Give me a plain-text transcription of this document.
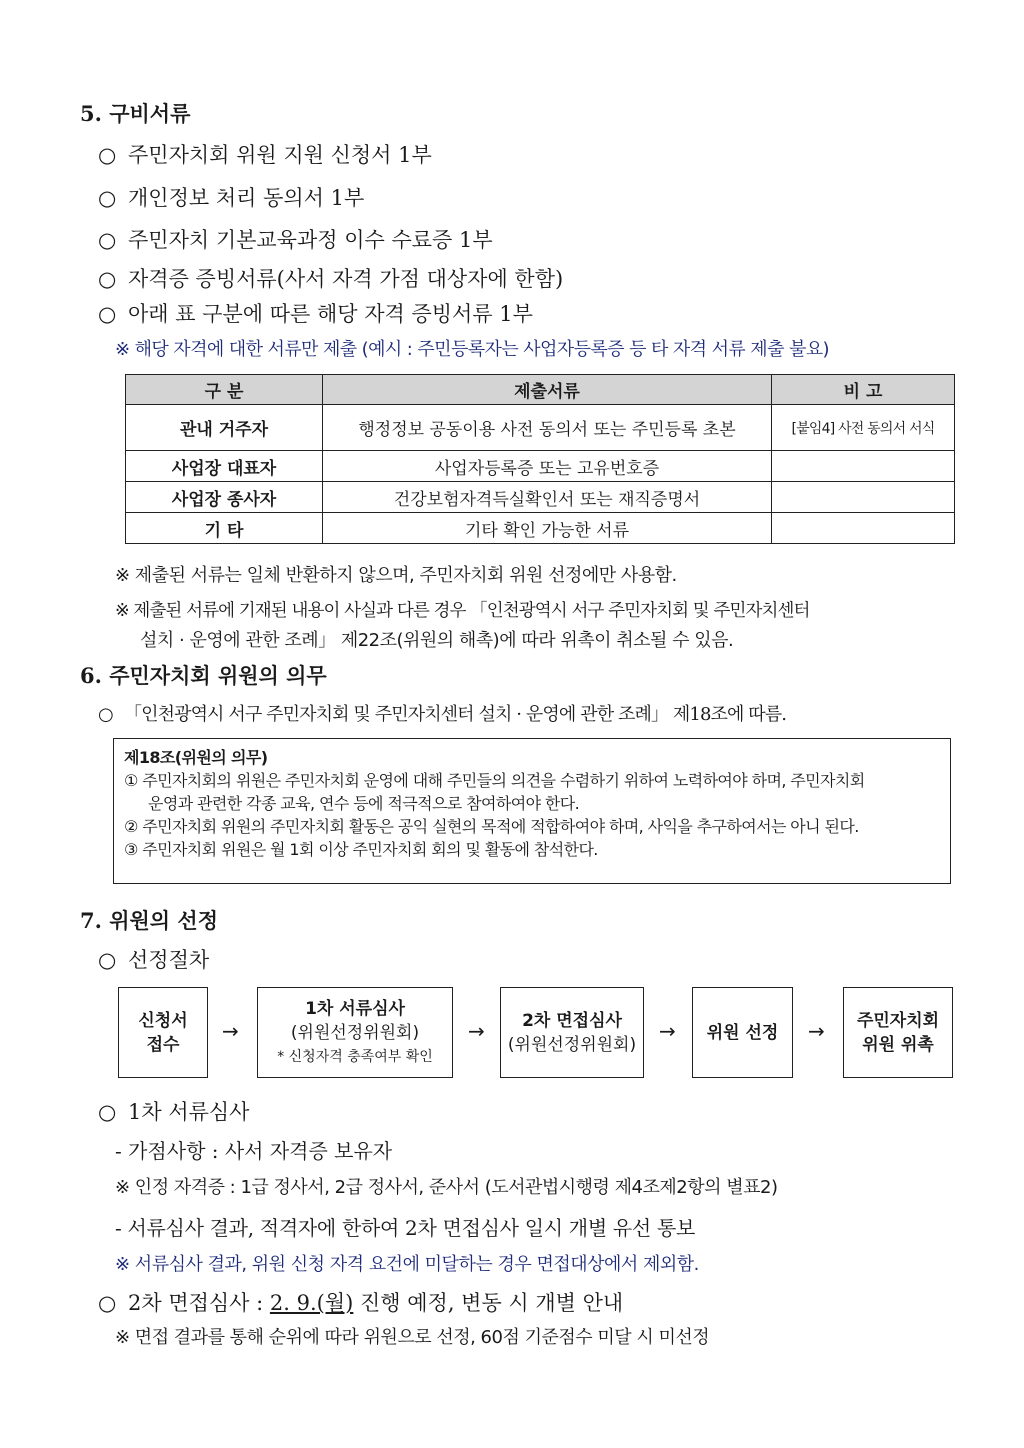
5. 구비서류
○ 주민자치회 위원 지원 신청서 1부
○ 개인정보 처리 동의서 1부
○ 주민자치 기본교육과정 이수 수료증 1부
○ 자격증 증빙서류(사서 자격 가점 대상자에 한함)
○ 아래 표 구분에 따른 해당 자격 증빙서류 1부
※ 해당 자격에 대한 서류만 제출 (예시 : 주민등록자는 사업자등록증 등 타 자격 서류 제출 불요)
구 분	제출서류	비 고
관내 거주자	행정정보 공동이용 사전 동의서 또는 주민등록 초본	[붙임4] 사전 동의서 서식
사업장 대표자	사업자등록증 또는 고유번호증	
사업장 종사자	건강보험자격득실확인서 또는 재직증명서	
기 타	기타 확인 가능한 서류	
※ 제출된 서류는 일체 반환하지 않으며, 주민자치회 위원 선정에만 사용함.
※ 제출된 서류에 기재된 내용이 사실과 다른 경우 「인천광역시 서구 주민자치회 및 주민자치센터
설치 · 운영에 관한 조례」 제22조(위원의 해촉)에 따라 위촉이 취소될 수 있음.
6. 주민자치회 위원의 의무
○ 「인천광역시 서구 주민자치회 및 주민자치센터 설치 · 운영에 관한 조례」 제18조에 따름.
제18조(위원의 의무)
① 주민자치회의 위원은 주민자치회 운영에 대해 주민들의 의견을 수렴하기 위하여 노력하여야 하며, 주민자치회
운영과 관련한 각종 교육, 연수 등에 적극적으로 참여하여야 한다.
② 주민자치회 위원의 주민자치회 활동은 공익 실현의 목적에 적합하여야 하며, 사익을 추구하여서는 아니 된다.
③ 주민자치회 위원은 월 1회 이상 주민자치회 회의 및 활동에 참석한다.
7. 위원의 선정
○ 선정절차
신청서
접수
→
1차 서류심사
(위원선정위원회)
* 신청자격 충족여부 확인
→ 2차 면접심사
(위원선정위원회)
→ 위원 선정 → 주민자치회
위원 위촉
○ 1차 서류심사
- 가점사항 : 사서 자격증 보유자
※ 인정 자격증 : 1급 정사서, 2급 정사서, 준사서 (도서관법시행령 제4조제2항의 별표2)
- 서류심사 결과, 적격자에 한하여 2차 면접심사 일시 개별 유선 통보
※ 서류심사 결과, 위원 신청 자격 요건에 미달하는 경우 면접대상에서 제외함.
○ 2차 면접심사 : 2. 9.(월) 진행 예정, 변동 시 개별 안내
※ 면접 결과를 통해 순위에 따라 위원으로 선정, 60점 기준점수 미달 시 미선정
